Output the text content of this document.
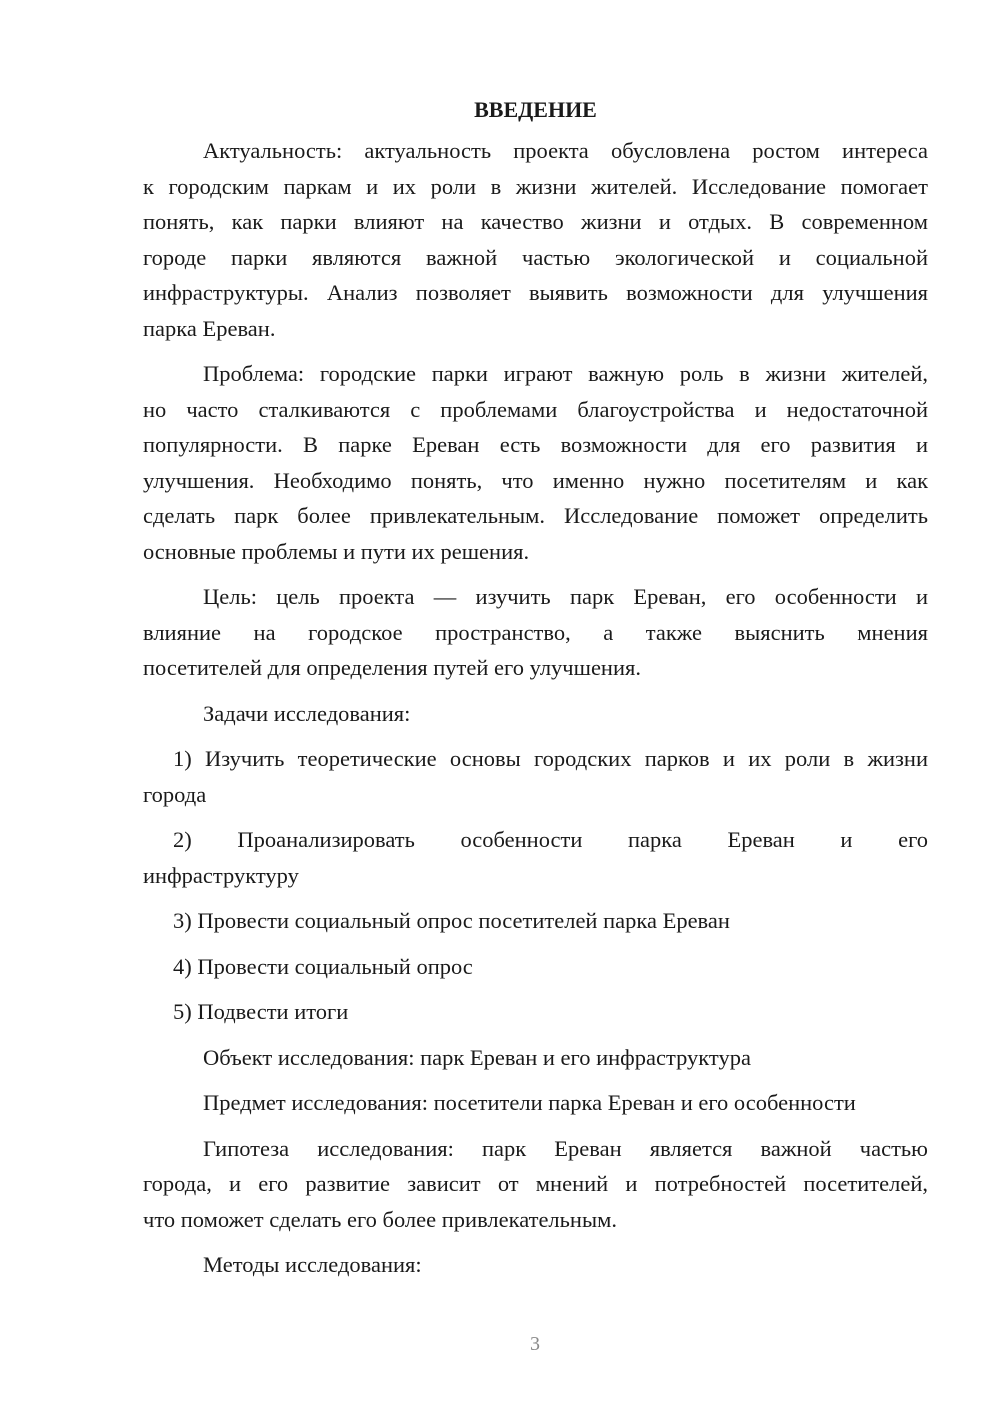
ВВЕДЕНИЕ
Актуальность: актуальность проекта обусловлена ростом интереса
к городским паркам и их роли в жизни жителей. Исследование помогает
понять, как парки влияют на качество жизни и отдых. В современном
городе парки являются важной частью экологической и социальной
инфраструктуры. Анализ позволяет выявить возможности для улучшения
парка Ереван.
Проблема: городские парки играют важную роль в жизни жителей,
но часто сталкиваются с проблемами благоустройства и недостаточной
популярности. В парке Ереван есть возможности для его развития и
улучшения. Необходимо понять, что именно нужно посетителям и как
сделать парк более привлекательным. Исследование поможет определить
основные проблемы и пути их решения.
Цель: цель проекта — изучить парк Ереван, его особенности и
влияние на городское пространство, а также выяснить мнения
посетителей для определения путей его улучшения.
Задачи исследования:
1) Изучить теоретические основы городских парков и их роли в жизни
города
2) Проанализировать особенности парка Ереван и его
инфраструктуру
3) Провести социальный опрос посетителей парка Ереван
4) Провести социальный опрос
5) Подвести итоги
Объект исследования: парк Ереван и его инфраструктура
Предмет исследования: посетители парка Ереван и его особенности
Гипотеза исследования: парк Ереван является важной частью
города, и его развитие зависит от мнений и потребностей посетителей,
что поможет сделать его более привлекательным.
Методы исследования:
3
